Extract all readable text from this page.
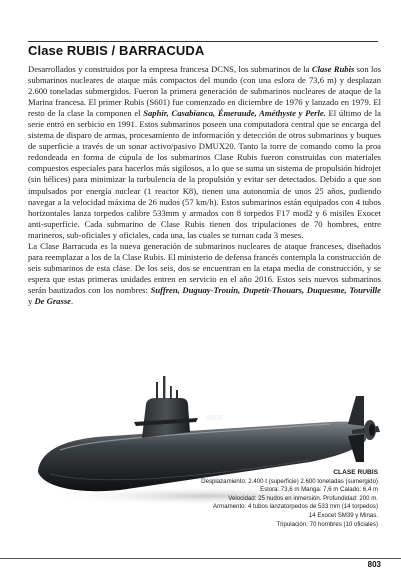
Clase RUBIS / BARRACUDA

Desarrollados y construidos por la empresa francesa DCNS, los submarinos de la Clase Rubis son los submarinos nucleares de ataque más compactos del mundo (con una eslora de 73,6 m) y desplazan 2.600 toneladas submergidos. Fueron la primera generación de submarinos nucleares de ataque de la Marina francesa. El primer Rubis (S601) fue comenzado en diciembre de 1976 y lanzado en 1979. El resto de la clase la componen el Saphir, Casabianca, Émeraude, Améthyste y Perle. El último de la serie entró en serbicio en 1991. Estos submarinos poseen una computadora central que se encarga del sistema de disparo de armas, procesamiento de información y detección de otros submarinos y buques de superficie a través de un sonar activo/pasivo DMUX20. Tanto la torre de comando como la proa redondeada en forma de cúpula de los submarinos Clase Rubis fueron construidas con materiales compuestos especiales para hacerlos más sigilosos, a lo que se suma un sistema de propulsión hidrojet (sin hélices) para minimizar la turbulencia de la propulsión y evitar ser detectados. Debido a que son impulsados por energía nuclear (1 reactor K8), tienen una autonomía de unos 25 años, pudiendo navegar a la velocidad máxima de 26 nudos (57 km/h). Estos submarinos están equipados con 4 tubos horizontales lanza torpedos calibre 533mm y armados con 8 torpedos F17 mod2 y 6 misiles Exocet anti-superficie. Cada submarino de Clase Rubis tienen dos tripulaciones de 70 hombres, entre marineros, sub-oficiales y oficiales, cada una, las cuales se turnan cada 3 meses.

La Clase Barracuda es la nueva generación de submarinos nucleares de ataque franceses, diseñados para reemplazar a los de la Clase Rubis. El ministerio de defensa francés contempla la construcción de seis submarinos de esta clase. De los seis, dos se encuentran en la etapa media de construcción, y se espera que estas primeras unidades entren en servicio en el año 2016. Estos seis nuevos submarinos serán bautizados con los nombres: Suffren, Duguay-Trouin, Dupetit-Thouars, Duquesme, Tourville y De Grasse.

S605
CLASE RUBIS
Desplazamiento: 2.400 t (superficie) 2.600 toneladas (sumergido)
Eslora: 73,6 m Manga: 7,6 m Calado: 6,4 m
Velocidad: 25 nudos en inmersión. Profundidad: 200 m.
Armamento: 4 tubos lanzatorpedos de 533 mm (14 torpedos)
14 Exocet SM39 y Minas.
Tripulación: 70 hombres (10 oficiales)

803
